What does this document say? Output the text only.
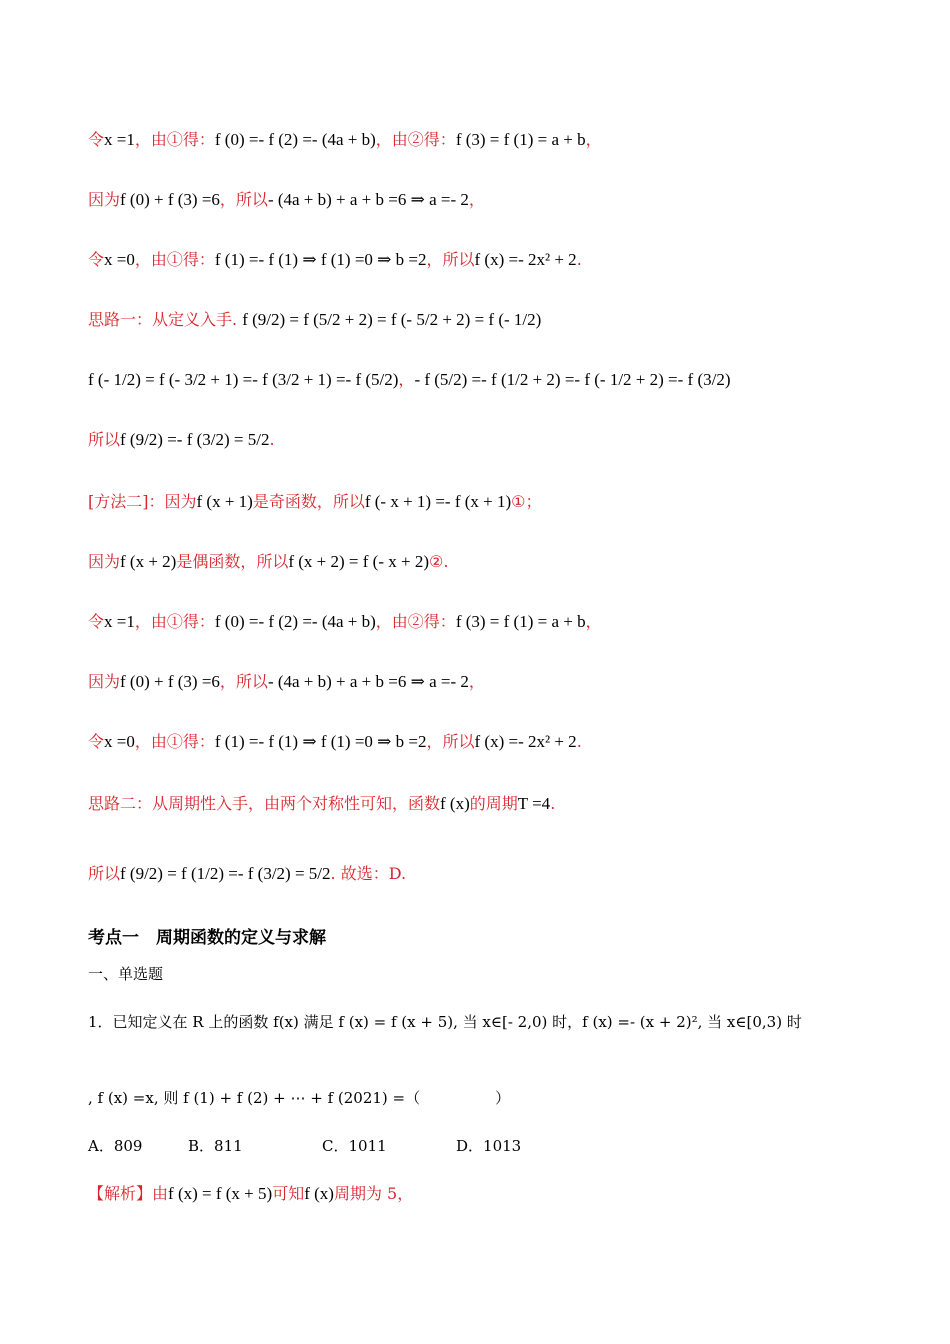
令x =1，由①得：f (0) =- f (2) =- (4a + b)，由②得：f (3) = f (1) = a + b，
因为f (0) + f (3) =6，所以- (4a + b) + a + b =6 ⇒ a =- 2，
令x =0，由①得：f (1) =- f (1) ⇒ f (1) =0 ⇒ b =2，所以f (x) =- 2x² + 2.
思路一：从定义入手. f (9/2) = f (5/2 + 2) = f (- 5/2 + 2) = f (- 1/2)
f (- 1/2) = f (- 3/2 + 1) =- f (3/2 + 1) =- f (5/2)，- f (5/2) =- f (1/2 + 2) =- f (- 1/2 + 2) =- f (3/2)
所以f (9/2) =- f (3/2) = 5/2.
[方法二]：因为f (x + 1)是奇函数，所以f (- x + 1) =- f (x + 1)①；
因为f (x + 2)是偶函数，所以f (x + 2) = f (- x + 2)②.
令x =1，由①得：f (0) =- f (2) =- (4a + b)，由②得：f (3) = f (1) = a + b，
因为f (0) + f (3) =6，所以- (4a + b) + a + b =6 ⇒ a =- 2，
令x =0，由①得：f (1) =- f (1) ⇒ f (1) =0 ⇒ b =2，所以f (x) =- 2x² + 2.
思路二：从周期性入手，由两个对称性可知，函数f (x)的周期T =4.
所以f (9/2) = f (1/2) =- f (3/2) = 5/2. 故选：D.
考点一　周期函数的定义与求解
一、单选题
1．已知定义在 R 上的函数 f(x) 满足 f (x) = f (x + 5), 当 x∈[- 2,0) 时，f (x) =- (x + 2)², 当 x∈[0,3) 时
, f (x) =x, 则 f (1) + f (2) + ⋯ + f (2021) =（　　　　　）
A．809	B．811	C．1011	D．1013
【解析】由f (x) = f (x + 5)可知f (x)周期为 5，
